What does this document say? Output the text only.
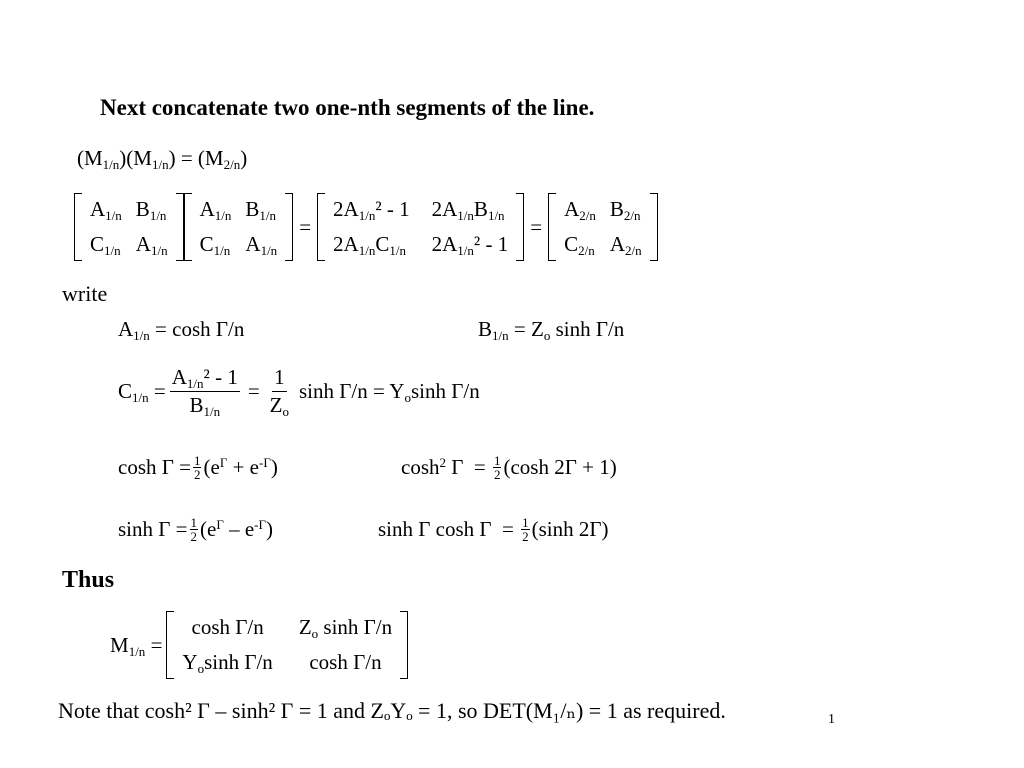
Next concatenate two one-nth segments of the line.
$(M_{1/n})(M_{1/n}) = (M_{2/n})$
$A_{1/n}$ $B_{1/n}$
$C_{1/n}$ $A_{1/n}$
$A_{1/n}$ $B_{1/n}$
$C_{1/n}$ $A_{1/n}$
=
$2A_{1/n}^2 - 1$ $2A_{1/n}B_{1/n}$
$2A_{1/n}C_{1/n}$ $2A_{1/n}^2 - 1$
=
$A_{2/n}$ $B_{2/n}$
$C_{2/n}$ $A_{2/n}$
write
$A_{1/n} = \cosh \Gamma/n$	$B_{1/n} = Z_o$ sinh Γ/n
$C_{1/n} = \frac{A_{1/n}^2 - 1}{B_{1/n}} = \frac{1}{Z_o}$ $\sinh \Gamma/n = Y_o\sinh$ Γ/n
$\cosh \Gamma = \frac{1}{2} (e^\Gamma + e^{-\Gamma})$	$\cosh^2 \Gamma = \frac{1}{2} (\cosh$ 2Γ + 1)
$\sinh \Gamma = \frac{1}{2} (e^\Gamma - e^{-\Gamma})$	sinh Γ $\cosh \Gamma = \frac{1}{2} (\sinh$ 2Γ)
Thus
$M_{1/n}$ =
cosh Γ/n $Z_o$ sinh Γ/n
$Y_o\sinh$ Γ/n cosh Γ/n
Note that cosh² Γ – sinh² Γ = 1 and ZₒYₒ = 1, so DET(M₁/ₙ) = 1 as required.	1
